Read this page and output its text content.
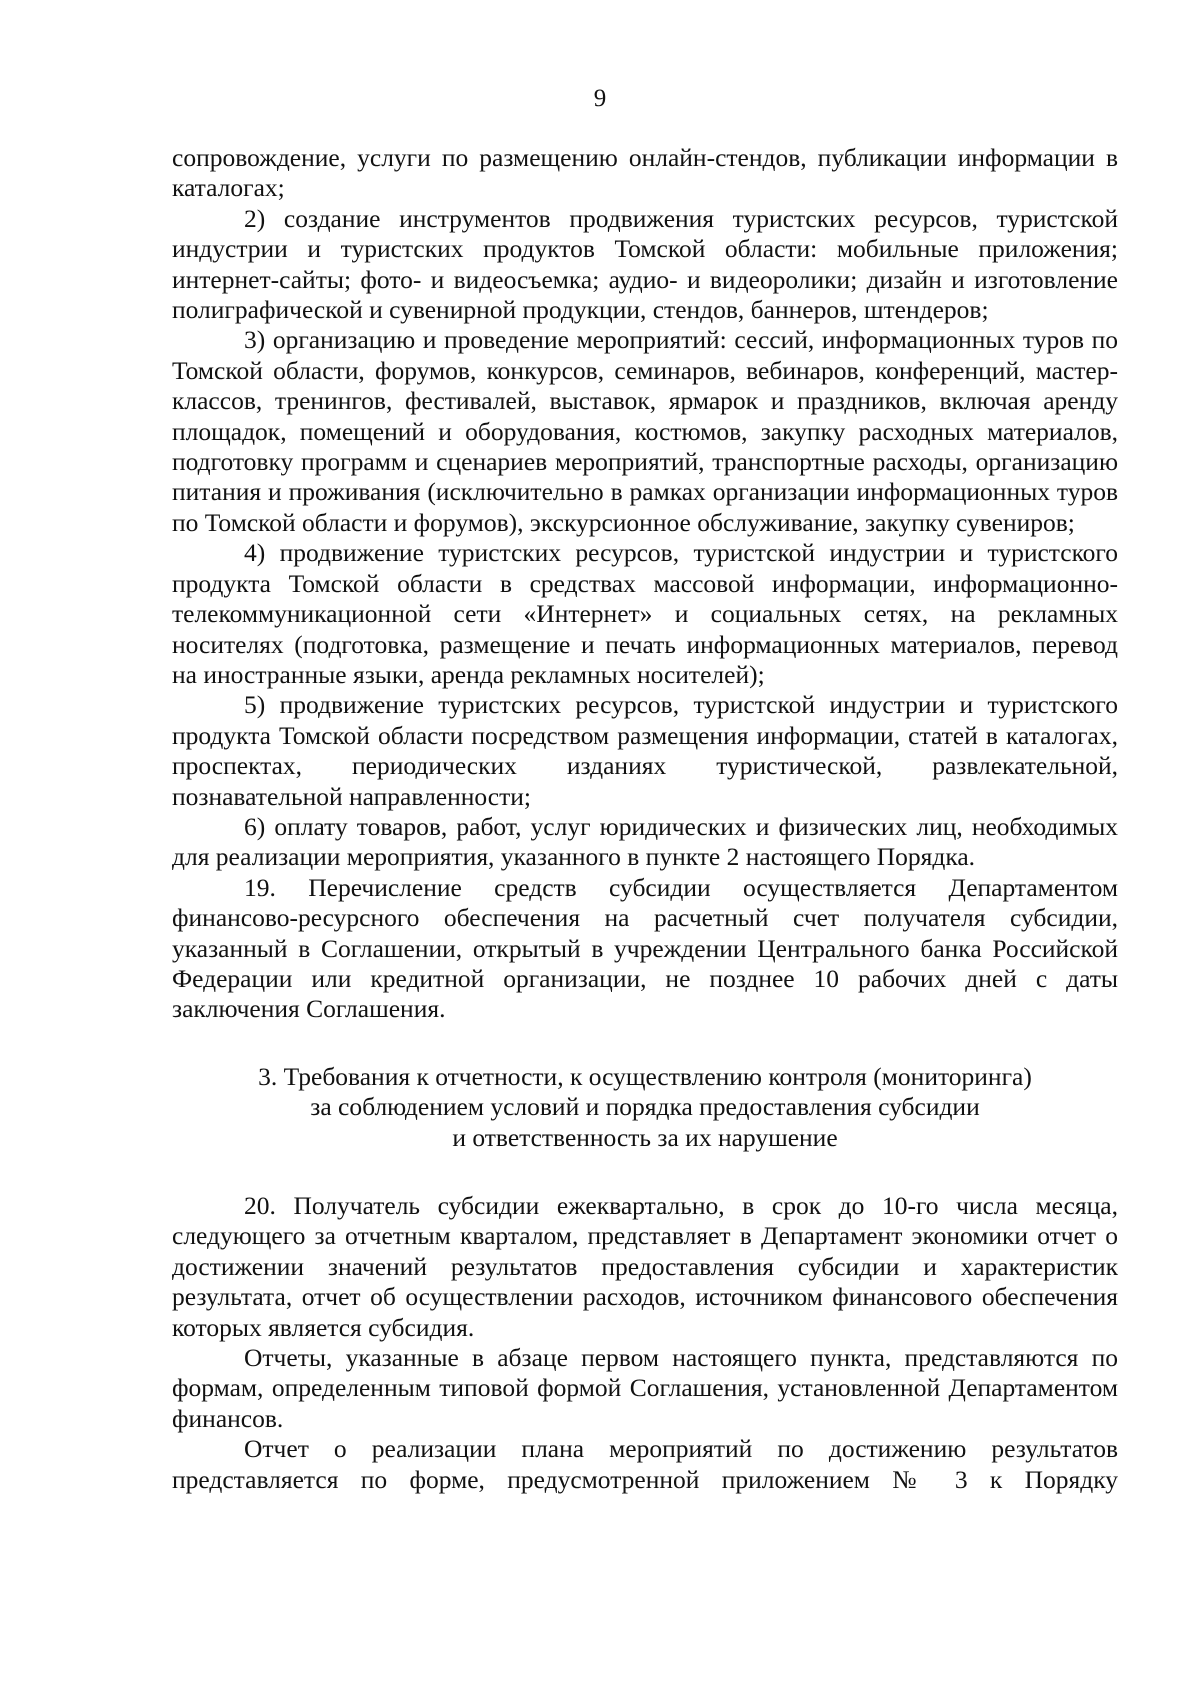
9

сопровождение, услуги по размещению онлайн-стендов, публикации информации в каталогах;

2) создание инструментов продвижения туристских ресурсов, туристской индустрии и туристских продуктов Томской области: мобильные приложения; интернет-сайты; фото- и видеосъемка; аудио- и видеоролики; дизайн и изготовление полиграфической и сувенирной продукции, стендов, баннеров, штендеров;

3) организацию и проведение мероприятий: сессий, информационных туров по Томской области, форумов, конкурсов, семинаров, вебинаров, конференций, мастер-классов, тренингов, фестивалей, выставок, ярмарок и праздников, включая аренду площадок, помещений и оборудования, костюмов, закупку расходных материалов, подготовку программ и сценариев мероприятий, транспортные расходы, организацию питания и проживания (исключительно в рамках организации информационных туров по Томской области и форумов), экскурсионное обслуживание, закупку сувениров;

4) продвижение туристских ресурсов, туристской индустрии и туристского продукта Томской области в средствах массовой информации, информационно-телекоммуникационной сети «Интернет» и социальных сетях, на рекламных носителях (подготовка, размещение и печать информационных материалов, перевод на иностранные языки, аренда рекламных носителей);

5) продвижение туристских ресурсов, туристской индустрии и туристского продукта Томской области посредством размещения информации, статей в каталогах, проспектах, периодических изданиях туристической, развлекательной, познавательной направленности;

6) оплату товаров, работ, услуг юридических и физических лиц, необходимых для реализации мероприятия, указанного в пункте 2 настоящего Порядка.

19. Перечисление средств субсидии осуществляется Департаментом финансово-ресурсного обеспечения на расчетный счет получателя субсидии, указанный в Соглашении, открытый в учреждении Центрального банка Российской Федерации или кредитной организации, не позднее 10 рабочих дней с даты заключения Соглашения.

3. Требования к отчетности, к осуществлению контроля (мониторинга)
за соблюдением условий и порядка предоставления субсидии
и ответственность за их нарушение

20. Получатель субсидии ежеквартально, в срок до 10-го числа месяца, следующего за отчетным кварталом, представляет в Департамент экономики отчет о достижении значений результатов предоставления субсидии и характеристик результата, отчет об осуществлении расходов, источником финансового обеспечения которых является субсидия.

Отчеты, указанные в абзаце первом настоящего пункта, представляются по формам, определенным типовой формой Соглашения, установленной Департаментом финансов.

Отчет о реализации плана мероприятий по достижению результатов представляется по форме, предусмотренной приложением № 3 к Порядку
